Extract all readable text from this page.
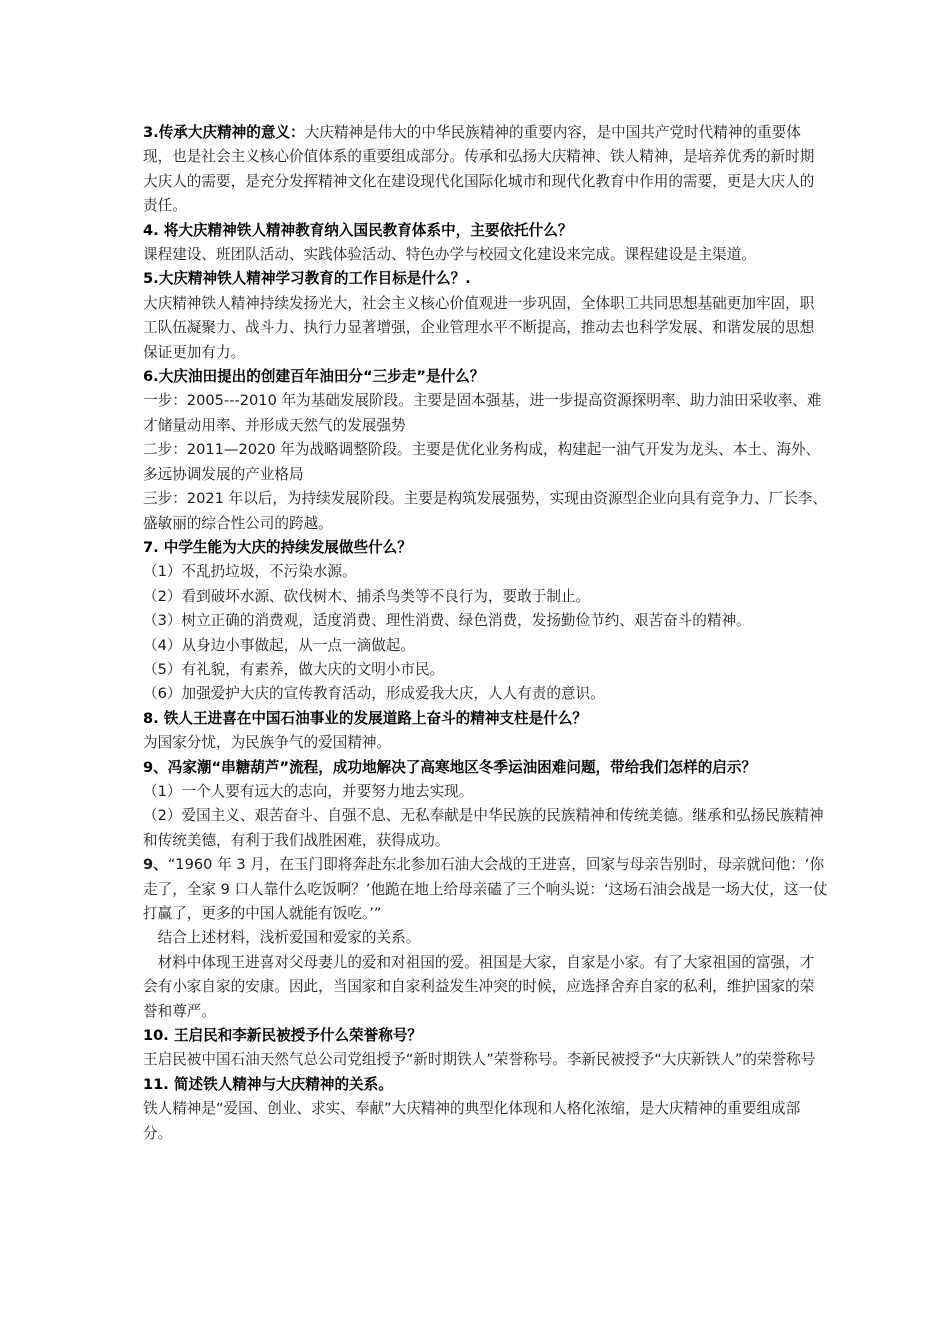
3.传承大庆精神的意义：大庆精神是伟大的中华民族精神的重要内容，是中国共产党时代精神的重要体现，也是社会主义核心价值体系的重要组成部分。传承和弘扬大庆精神、铁人精神，是培养优秀的新时期大庆人的需要，是充分发挥精神文化在建设现代化国际化城市和现代化教育中作用的需要，更是大庆人的责任。

4. 将大庆精神铁人精神教育纳入国民教育体系中，主要依托什么？

课程建设、班团队活动、实践体验活动、特色办学与校园文化建设来完成。课程建设是主渠道。

5.大庆精神铁人精神学习教育的工作目标是什么？.

大庆精神铁人精神持续发扬光大，社会主义核心价值观进一步巩固，全体职工共同思想基础更加牢固，职工队伍凝聚力、战斗力、执行力显著增强，企业管理水平不断提高，推动去也科学发展、和谐发展的思想保证更加有力。

6.大庆油田提出的创建百年油田分“三步走”是什么？

一步：2005---2010 年为基础发展阶段。主要是固本强基，进一步提高资源探明率、助力油田采收率、难才储量动用率、并形成天然气的发展强势

二步：2011—2020 年为战略调整阶段。主要是优化业务构成，构建起一油气开发为龙头、本土、海外、多远协调发展的产业格局

三步：2021 年以后，为持续发展阶段。主要是构筑发展强势，实现由资源型企业向具有竞争力、厂长李、盛敏丽的综合性公司的跨越。

7. 中学生能为大庆的持续发展做些什么？

（1）不乱扔垃圾，不污染水源。

（2）看到破坏水源、砍伐树木、捕杀鸟类等不良行为，要敢于制止。

（3）树立正确的消费观，适度消费、理性消费、绿色消费，发扬勤俭节约、艰苦奋斗的精神。

（4）从身边小事做起，从一点一滴做起。

（5）有礼貌，有素养，做大庆的文明小市民。

（6）加强爱护大庆的宣传教育活动，形成爱我大庆，人人有责的意识。

8. 铁人王进喜在中国石油事业的发展道路上奋斗的精神支柱是什么？

为国家分忧，为民族争气的爱国精神。

9、冯家潮“串糖葫芦”流程，成功地解决了高寒地区冬季运油困难问题，带给我们怎样的启示？

（1）一个人要有远大的志向，并要努力地去实现。

（2）爱国主义、艰苦奋斗、自强不息、无私奉献是中华民族的民族精神和传统美德。继承和弘扬民族精神和传统美德，有利于我们战胜困难，获得成功。

9、“1960 年 3 月，在玉门即将奔赴东北参加石油大会战的王进喜，回家与母亲告别时，母亲就问他：‘你走了，全家 9 口人靠什么吃饭啊？’他跪在地上给母亲磕了三个响头说：‘这场石油会战是一场大仗，这一仗打赢了，更多的中国人就能有饭吃。’”

结合上述材料，浅析爱国和爱家的关系。

材料中体现王进喜对父母妻儿的爱和对祖国的爱。祖国是大家，自家是小家。有了大家祖国的富强，才会有小家自家的安康。因此，当国家和自家利益发生冲突的时候，应选择舍弃自家的私利，维护国家的荣誉和尊严。

10. 王启民和李新民被授予什么荣誉称号？

王启民被中国石油天然气总公司党组授予“新时期铁人”荣誉称号。李新民被授予“大庆新铁人”的荣誉称号

11. 简述铁人精神与大庆精神的关系。

铁人精神是“爱国、创业、求实、奉献”大庆精神的典型化体现和人格化浓缩，是大庆精神的重要组成部分。
